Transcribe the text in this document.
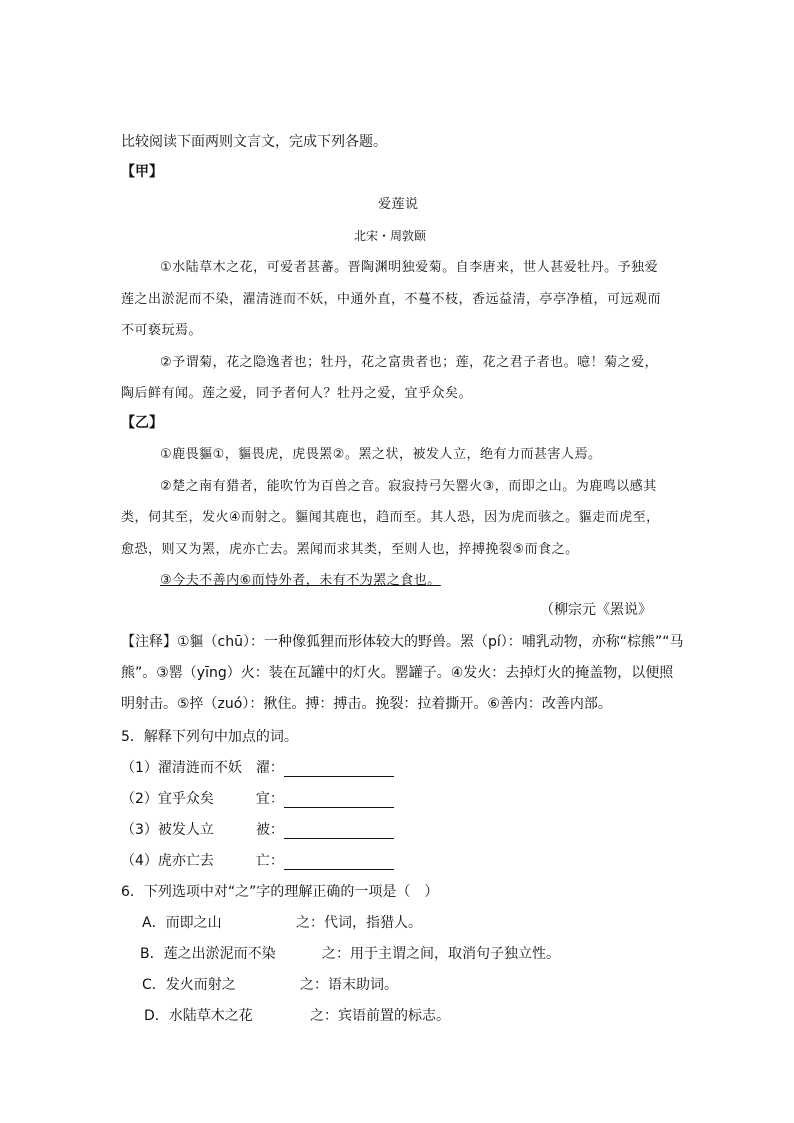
比较阅读下面两则文言文，完成下列各题。
【甲】
爱莲说
北宋・周敦颐
①水陆草木之花，可爱者甚蕃。晋陶渊明独爱菊。自李唐来，世人甚爱牡丹。予独爱
莲之出淤泥而不染，濯清涟而不妖，中通外直，不蔓不枝，香远益清，亭亭净植，可远观而
不可亵玩焉。
②予谓菊，花之隐逸者也；牡丹，花之富贵者也；莲，花之君子者也。噫！菊之爱，
陶后鲜有闻。莲之爱，同予者何人？牡丹之爱，宜乎众矣。
【乙】
①鹿畏貙①，貙畏虎，虎畏罴②。罴之状，被发人立，绝有力而甚害人焉。
②楚之南有猎者，能吹竹为百兽之音。寂寂持弓矢罂火③，而即之山。为鹿鸣以感其
类，伺其至，发火④而射之。貙闻其鹿也，趋而至。其人恐，因为虎而骇之。貙走而虎至，
愈恐，则又为罴，虎亦亡去。罴闻而求其类，至则人也，捽搏挽裂⑤而食之。
③今夫不善内⑥而恃外者，未有不为罴之食也。
（柳宗元《罴说》
【注释】①貙（chū）：一种像狐狸而形体较大的野兽。罴（pí）：哺乳动物，亦称“棕熊”“马
熊”。③罂（yīng）火：装在瓦罐中的灯火。罂罐子。④发火：去掉灯火的掩盖物，以便照
明射击。⑤捽（zuó）：揪住。搏：搏击。挽裂：拉着撕开。⑥善内：改善内部。
5．解释下列句中加点的词。
（1）濯清涟而不妖　濯：
（2）宜乎众矣　　　宜：
（3）被发人立　　　被：
（4）虎亦亡去　　　亡：
6．下列选项中对“之”字的理解正确的一项是（　）
A．而即之山	之：代词，指猎人。
B．莲之出淤泥而不染	之：用于主谓之间，取消句子独立性。
C．发火而射之	之：语末助词。
D．水陆草木之花	之：宾语前置的标志。
